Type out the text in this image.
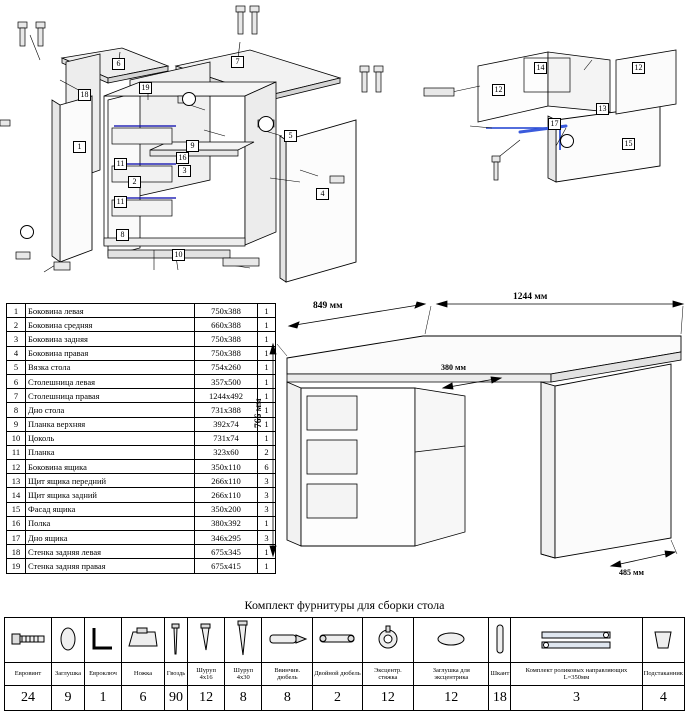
1
2
3
4
5
6	7
8
9
10
11
11
16
18
19	12
14	12
13
17
15
1	Боковина левая	750x388	1
2	Боковина средняя	660x388	1
3	Боковина задняя	750x388	1
4	Боковина правая	750x388	1
5	Вязка стола	754x260	1
6	Столешница левая	357x500	1
7	Столешница правая	1244x492	1
8	Дно стола	731x388	1
9	Планка верхняя	392x74	1
10	Цоколь	731x74	1
11	Планка	323x60	2
12	Боковина ящика	350x110	6
13	Щит ящика передний	266x110	3
14	Щит ящика задний	266x110	3
15	Фасад ящика	350x200	3
16	Полка	380x392	1
17	Дно ящика	346x295	3
18	Стенка задняя левая	675x345	1
19	Стенка задняя правая	675x415	1
849 мм
1244 мм
766 мм
380 мм
485 мм
Комплект фурнитуры для сборки стола

Евровинт	Заглушка	Евроключ	Ножка	Гвоздь	Шуруп 4x16	Шуруп 4x30	Ввинчив. дюбель	Двойной дюбель	Эксцентр. стяжка	Заглушка для эксцентрика	Шкант	Комплект роликовых направляющих L=350мм	Подстаканник
24	9	1	6	90	12	8	8	2	12	12	18	3	4
